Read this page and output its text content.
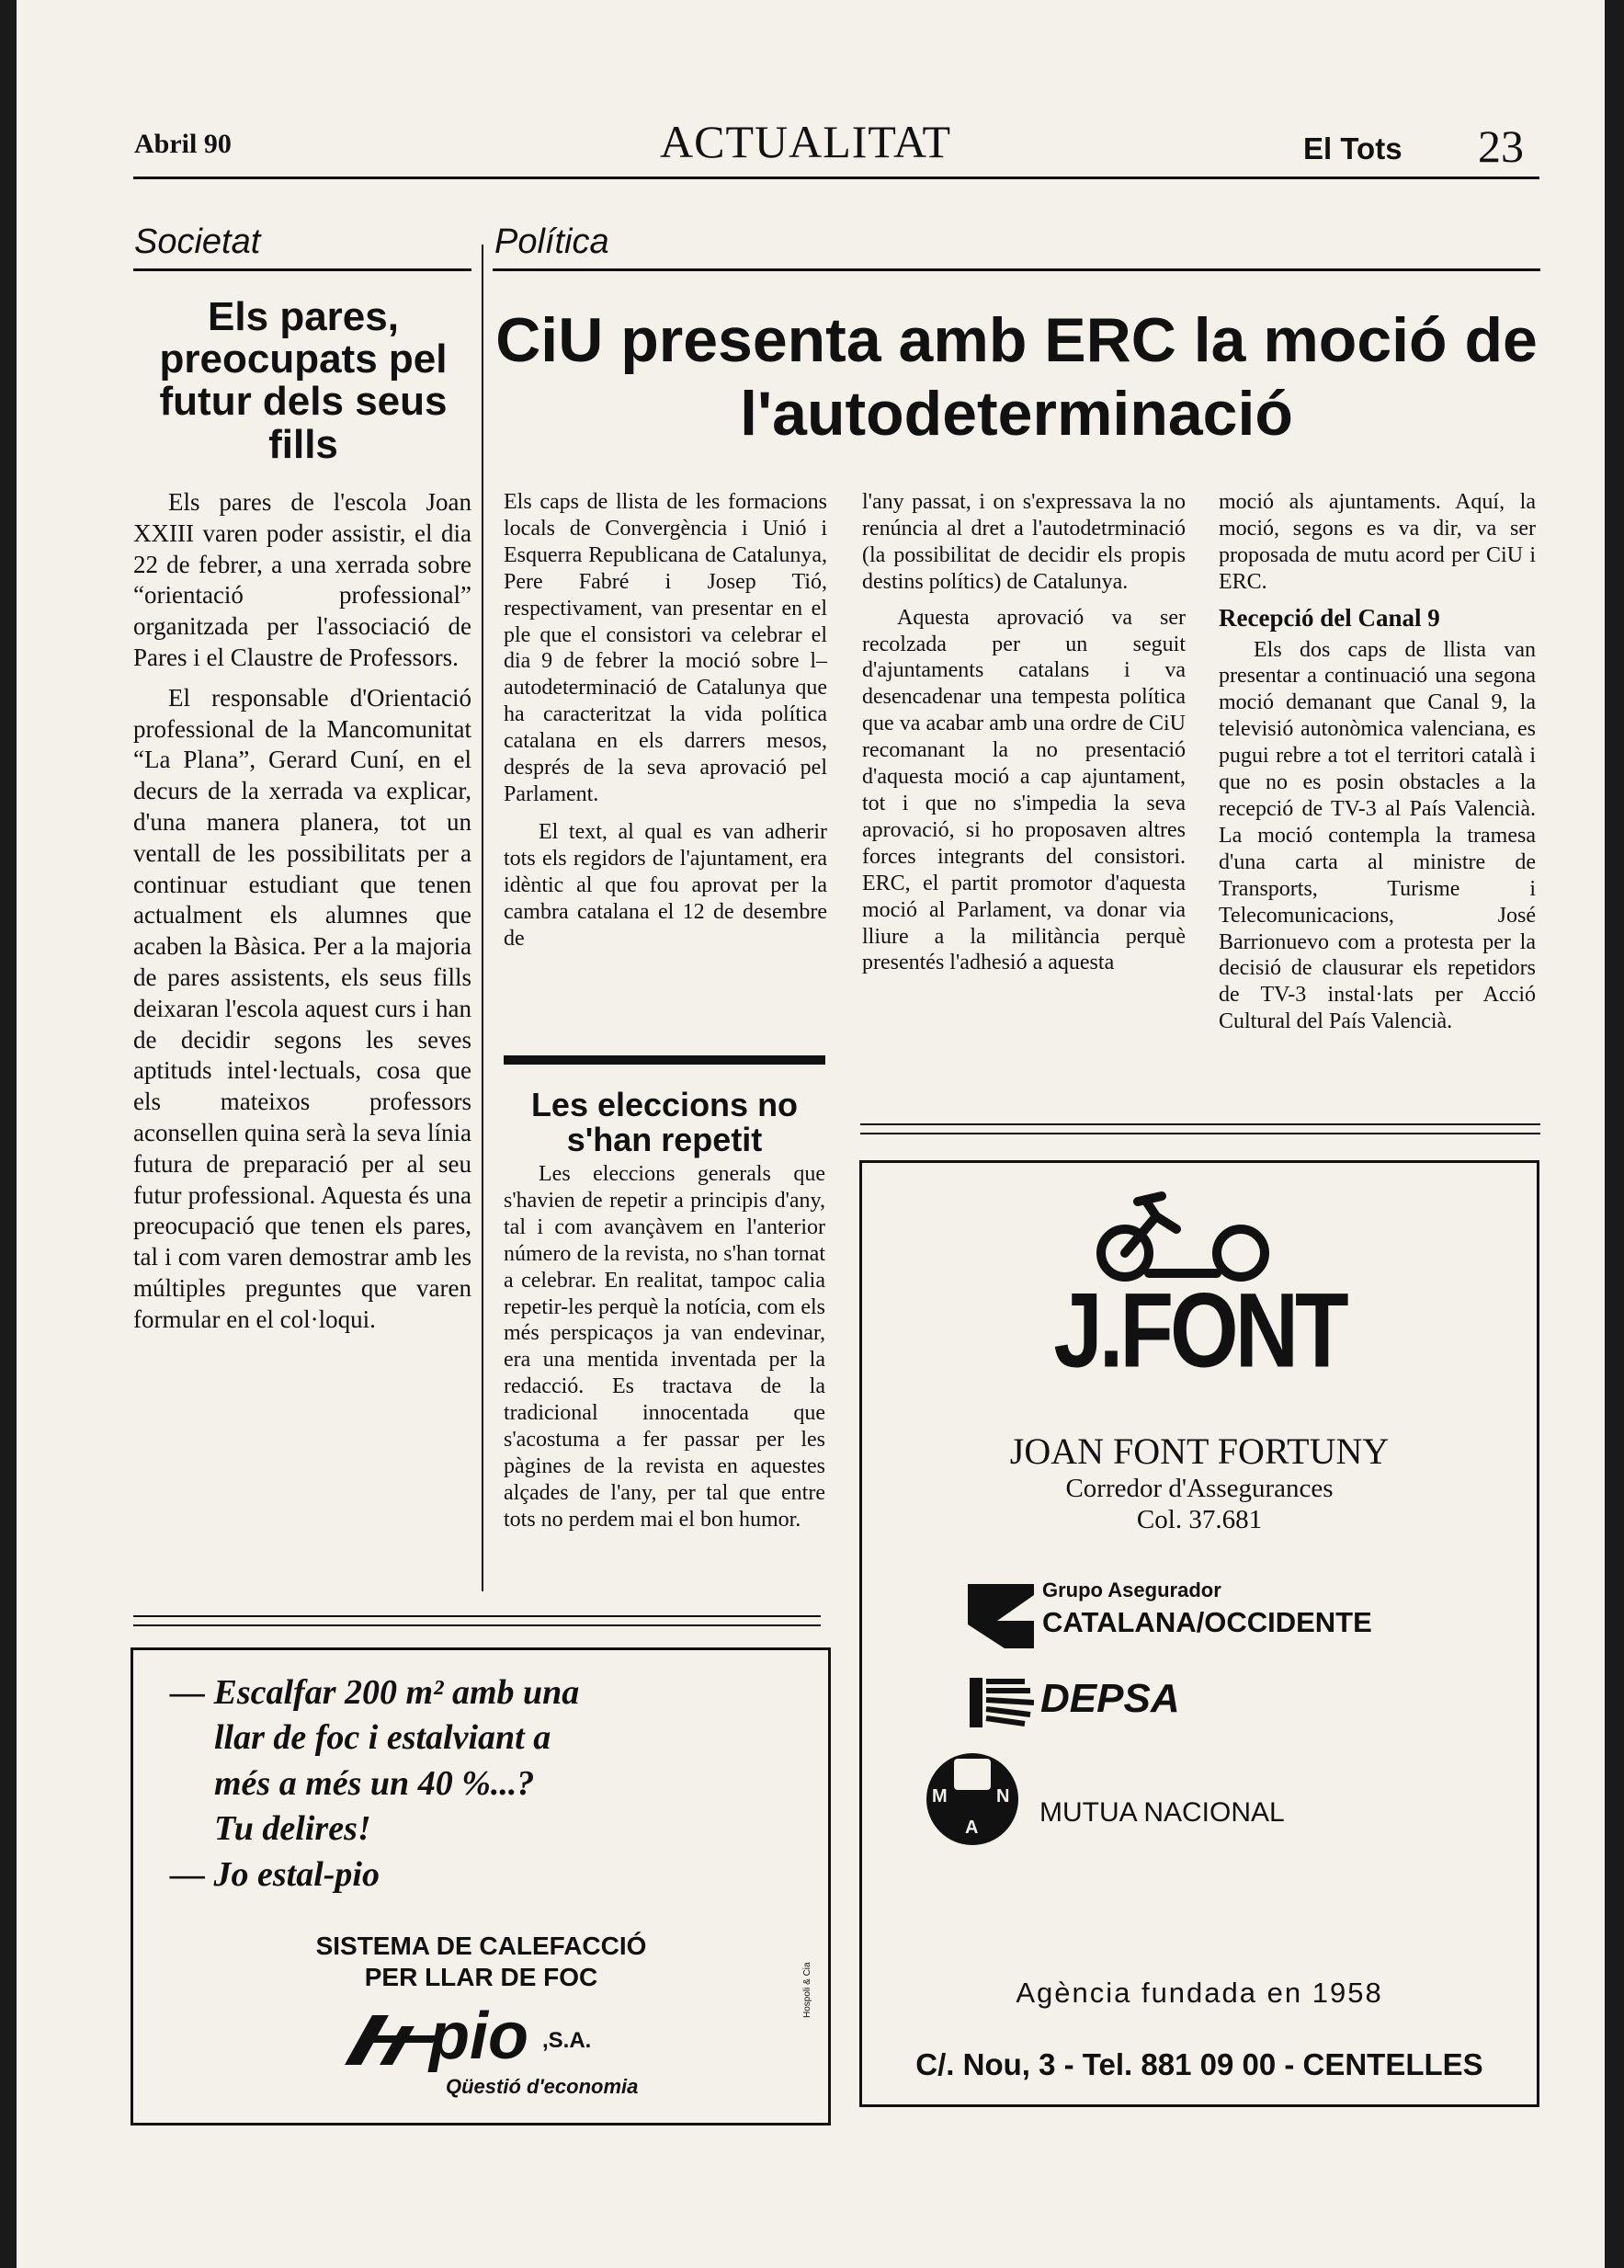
Abril 90	ACTUALITAT	El Tots 23
Societat
Els pares, preocupats pel futur dels seus fills

Els pares de l'escola Joan XXIII varen poder assistir, el dia 22 de febrer, a una xerrada sobre “orientació professional” organitzada per l'associació de Pares i el Claustre de Professors.

El responsable d'Orientació professional de la Mancomunitat “La Plana”, Gerard Cuní, en el decurs de la xerrada va explicar, d'una manera planera, tot un ventall de les possibilitats per a continuar estudiant que tenen actualment els alumnes que acaben la Bàsica. Per a la majoria de pares assistents, els seus fills deixaran l'escola aquest curs i han de decidir segons les seves aptituds intel·lectuals, cosa que els mateixos professors aconsellen quina serà la seva línia futura de preparació per al seu futur professional. Aquesta és una preocupació que tenen els pares, tal i com varen demostrar amb les múltiples preguntes que varen formular en el col·loqui.

Política
CiU presenta amb ERC la moció de l'autodeterminació

Els caps de llista de les formacions locals de Convergència i Unió i Esquerra Republicana de Catalunya, Pere Fabré i Josep Tió, respectivament, van presentar en el ple que el consistori va celebrar el dia 9 de febrer la moció sobre l–autodeterminació de Catalunya que ha caracteritzat la vida política catalana en els darrers mesos, després de la seva aprovació pel Parlament.

El text, al qual es van adherir tots els regidors de l'ajuntament, era idèntic al que fou aprovat per la cambra catalana el 12 de desembre de

l'any passat, i on s'expressava la no renúncia al dret a l'autodetrminació (la possibilitat de decidir els propis destins polítics) de Catalunya.

Aquesta aprovació va ser recolzada per un seguit d'ajuntaments catalans i va desencadenar una tempesta política que va acabar amb una ordre de CiU recomanant la no presentació d'aquesta moció a cap ajuntament, tot i que no s'impedia la seva aprovació, si ho proposaven altres forces integrants del consistori. ERC, el partit promotor d'aquesta moció al Parlament, va donar via lliure a la militància perquè presentés l'adhesió a aquesta

moció als ajuntaments. Aquí, la moció, segons es va dir, va ser proposada de mutu acord per CiU i ERC.

Recepció del Canal 9

Els dos caps de llista van presentar a continuació una segona moció demanant que Canal 9, la televisió autonòmica valenciana, es pugui rebre a tot el territori català i que no es posin obstacles a la recepció de TV-3 al País Valencià. La moció contempla la tramesa d'una carta al ministre de Transports, Turisme i Telecomunicacions, José Barrionuevo com a protesta per la decisió de clausurar els repetidors de TV-3 instal·lats per Acció Cultural del País Valencià.

Les eleccions no s'han repetit

Les eleccions generals que s'havien de repetir a principis d'any, tal i com avançàvem en l'anterior número de la revista, no s'han tornat a celebrar. En realitat, tampoc calia repetir-les perquè la notícia, com els més perspicaços ja van endevinar, era una mentida inventada per la redacció. Es tractava de la tradicional innocentada que s'acostuma a fer passar per les pàgines de la revista en aquestes alçades de l'any, per tal que entre tots no perdem mai el bon humor.

— Escalfar 200 m² amb una
llar de foc i estalviant a
més a més un 40 %...?
Tu delires!
— Jo estal-pio
SISTEMA DE CALEFACCIÓ
PER LLAR DE FOC
pio ,S.A.
Qüestió d'economia
Hospoli & Cia
J.FONT
JOAN FONT FORTUNY
Corredor d'Assegurances
Col. 37.681
Grupo Asegurador
CATALANA/OCCIDENTE
DEPSA
M	N
A MUTUA NACIONAL
Agència fundada en 1958
C/. Nou, 3 - Tel. 881 09 00 - CENTELLES
